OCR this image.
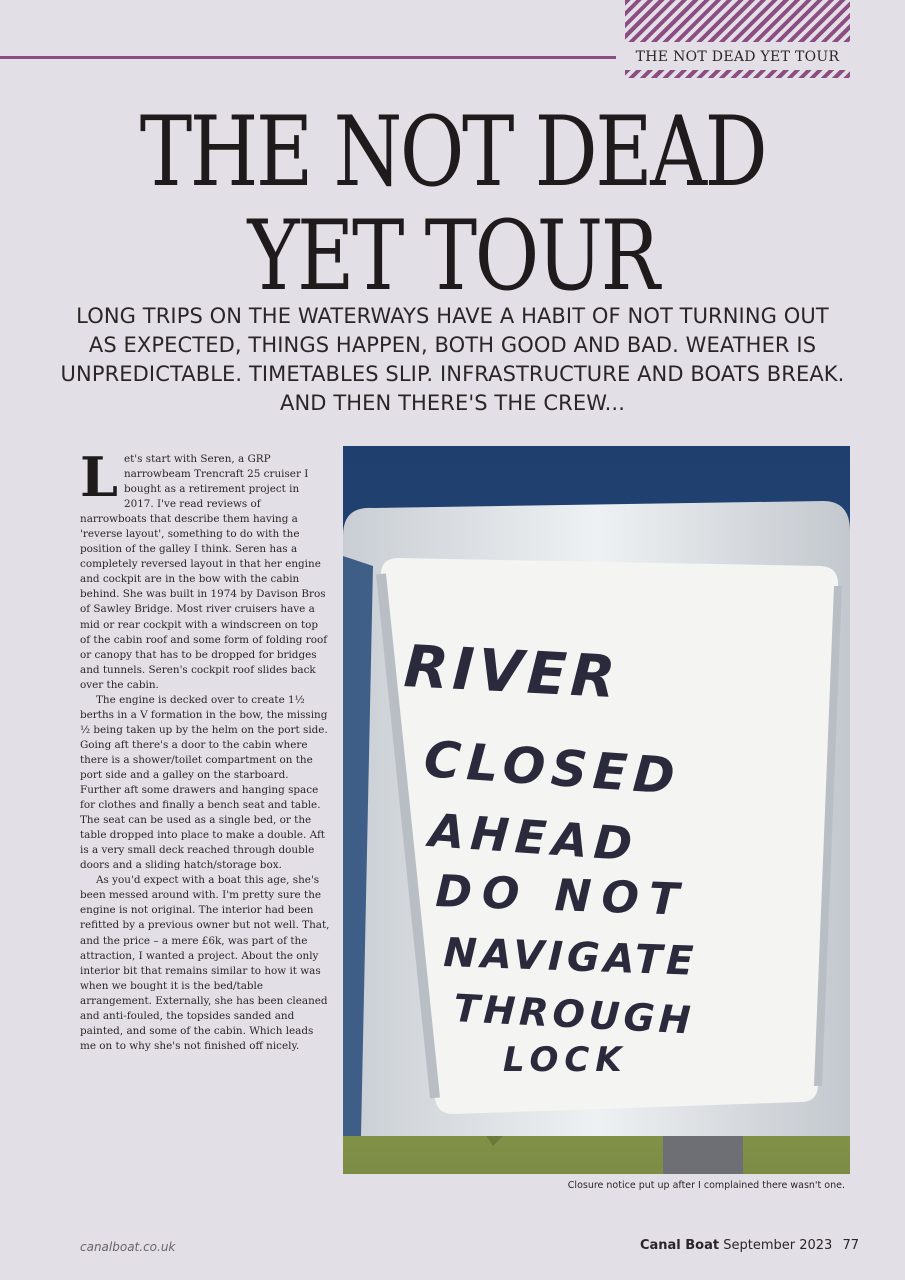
THE NOT DEAD YET TOUR
THE NOT DEAD
YET TOUR

LONG TRIPS ON THE WATERWAYS HAVE A HABIT OF NOT TURNING OUT AS EXPECTED, THINGS HAPPEN, BOTH GOOD AND BAD. WEATHER IS UNPREDICTABLE. TIMETABLES SLIP. INFRASTRUCTURE AND BOATS BREAK. AND THEN THERE'S THE CREW...

Let's start with Seren, a GRP narrowbeam Trencraft 25 cruiser I bought as a retirement project in 2017. I've read reviews of narrowboats that describe them having a 'reverse layout', something to do with the position of the galley I think. Seren has a completely reversed layout in that her engine and cockpit are in the bow with the cabin behind. She was built in 1974 by Davison Bros of Sawley Bridge. Most river cruisers have a mid or rear cockpit with a windscreen on top of the cabin roof and some form of folding roof or canopy that has to be dropped for bridges and tunnels. Seren's cockpit roof slides back over the cabin.

The engine is decked over to create 1½ berths in a V formation in the bow, the missing ½ being taken up by the helm on the port side. Going aft there's a door to the cabin where there is a shower/toilet compartment on the port side and a galley on the starboard. Further aft some drawers and hanging space for clothes and finally a bench seat and table. The seat can be used as a single bed, or the table dropped into place to make a double. Aft is a very small deck reached through double doors and a sliding hatch/storage box.

As you'd expect with a boat this age, she's been messed around with. I'm pretty sure the engine is not original. The interior had been refitted by a previous owner but not well. That, and the price – a mere £6k, was part of the attraction, I wanted a project. About the only interior bit that remains similar to how it was when we bought it is the bed/table arrangement. Externally, she has been cleaned and anti-fouled, the topsides sanded and painted, and some of the cabin. Which leads me on to why she's not finished off nicely.

RIVER
CLOSED
AHEAD
DO NOT
NAVIGATE
THROUGH
LOCK
Closure notice put up after I complained there wasn't one.
canalboat.co.uk	Canal Boat September 2023 77
